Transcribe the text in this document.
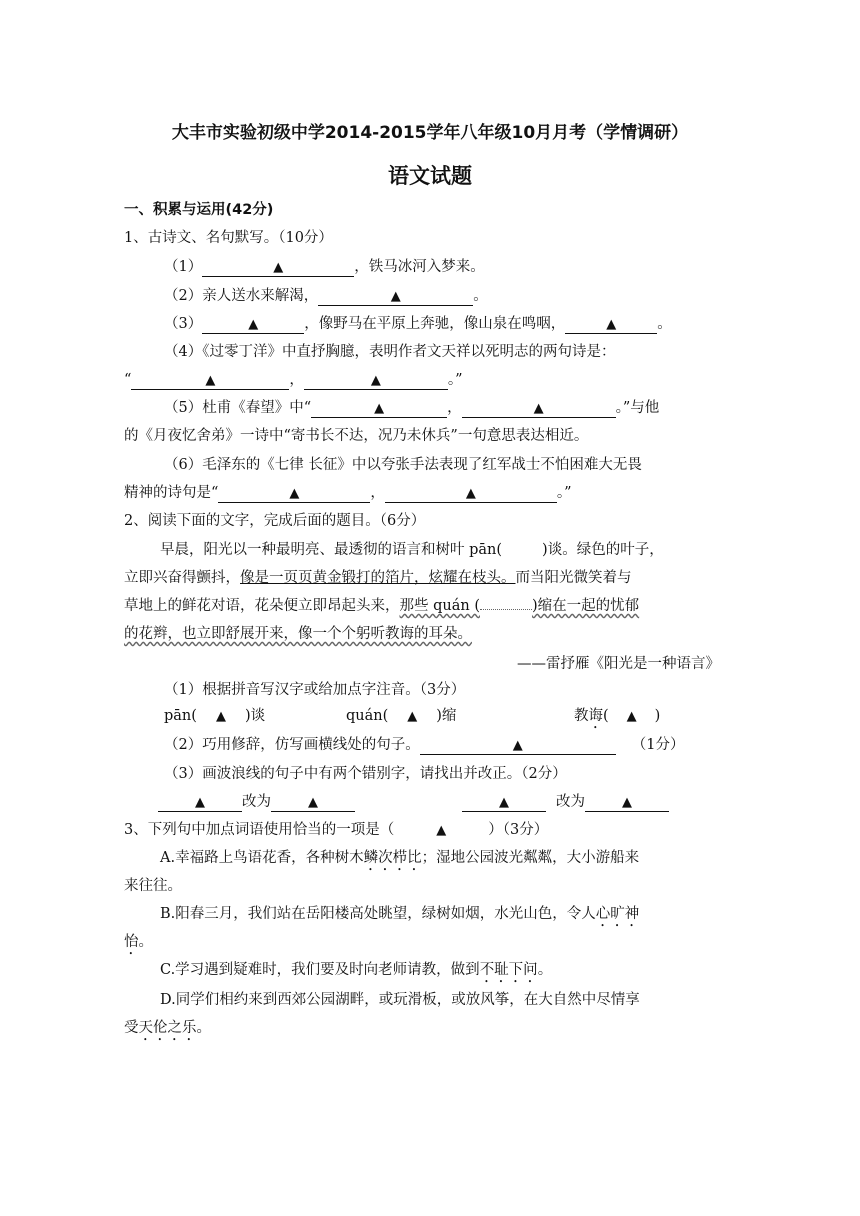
大丰市实验初级中学2014-2015学年八年级10月月考（学情调研）
语文试题
一、积累与运用(42分)
1、古诗文、名句默写。（10分）
（1）	▲	，铁马冰河入梦来。
（2）亲人送水来解渴，	▲	。
（3）	▲	，像野马在平原上奔驰，像山泉在鸣咽，	▲	。
（4）《过零丁洋》中直抒胸臆，表明作者文天祥以死明志的两句诗是：
“	▲	，	▲	。”
（5）杜甫《春望》中“	▲	，	▲	。”与他
的《月夜忆舍弟》一诗中“寄书长不达，况乃未休兵”一句意思表达相近。
（6）毛泽东的《七律 长征》中以夸张手法表现了红军战士不怕困难大无畏
精神的诗句是“	▲	，	▲	。”
2、阅读下面的文字，完成后面的题目。（6分）
早晨，阳光以一种最明亮、最透彻的语言和树叶 pān(	)谈。绿色的叶子，
立即兴奋得颤抖，像是一页页黄金锻打的箔片，炫耀在枝头。而当阳光微笑着与
草地上的鲜花对语，花朵便立即昂起头来，那些 quán (	)缩在一起的忧郁
的花辫，也立即舒展开来，像一个个躬听教诲的耳朵。
——雷抒雁《阳光是一种语言》
（1）根据拼音写汉字或给加点字注音。（3分）
pān( ▲ )谈	quán( ▲ )缩	教诲( ▲ )
（2）巧用修辞，仿写画横线处的句子。	▲	（1分）
（3）画波浪线的句子中有两个错别字，请找出并改正。（2分）
▲	改为	▲	▲	改为	▲
3、下列句中加点词语使用恰当的一项是（	▲	）（3分）
A.幸福路上鸟语花香，各种树木鳞次栉比；湿地公园波光粼粼，大小游船来
来往往。
B.阳春三月，我们站在岳阳楼高处眺望，绿树如烟，水光山色，令人心旷神
怡。
C.学习遇到疑难时，我们要及时向老师请教，做到不耻下问。
D.同学们相约来到西郊公园湖畔，或玩滑板，或放风筝，在大自然中尽情享
受天伦之乐。
